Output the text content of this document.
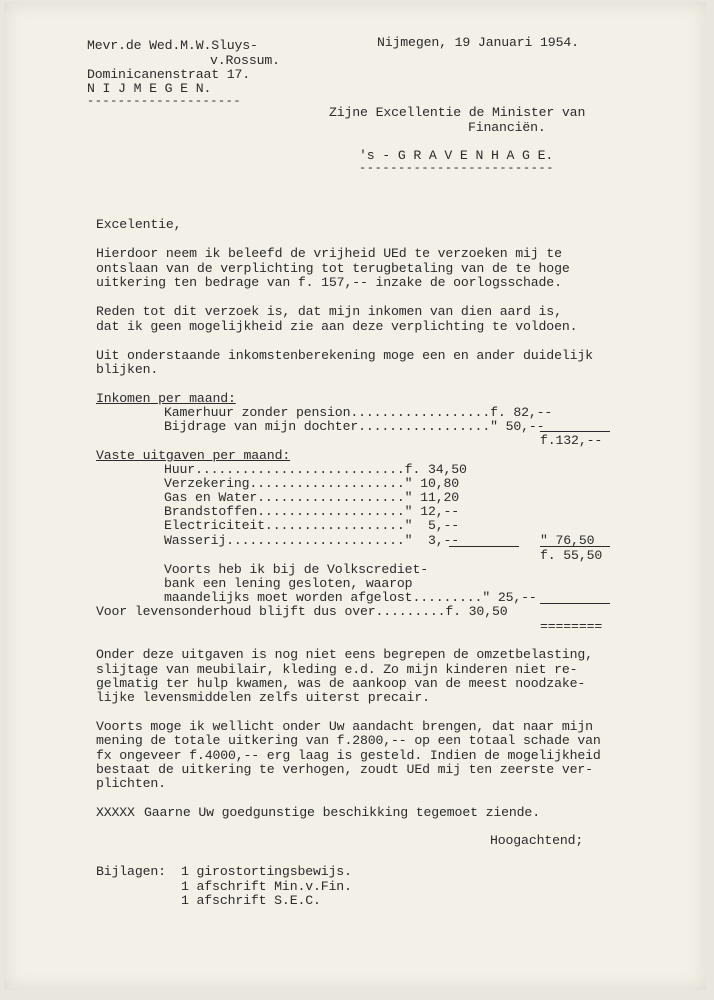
Mevr.de Wed.M.W.Sluys-
v.Rossum.
Dominicanenstraat 17.
N I J M E G E N.
--------------------
Nijmegen, 19 Januari 1954.
Zijne Excellentie de Minister van
Financiën.
's - G R A V E N H A G E.
-------------------------
Excelentie,
Hierdoor neem ik beleefd de vrijheid UEd te verzoeken mij te
ontslaan van de verplichting tot terugbetaling van de te hoge
uitkering ten bedrage van f. 157,-- inzake de oorlogsschade.
Reden tot dit verzoek is, dat mijn inkomen van dien aard is,
dat ik geen mogelijkheid zie aan deze verplichting te voldoen.
Uit onderstaande inkomstenberekening moge een en ander duidelijk
blijken.
Inkomen per maand:
Kamerhuur zonder pension..................f. 82,--
Bijdrage van mijn dochter................." 50,--
f.132,--
Vaste uitgaven per maand:
Huur...........................f. 34,50
Verzekering...................." 10,80
Gas en Water..................." 11,20
Brandstoffen..................." 12,--
Electriciteit.................."  5,--
Wasserij......................."  3,--	" 76,50
f. 55,50
Voorts heb ik bij de Volkscrediet-
bank een lening gesloten, waarop
maandelijks moet worden afgelost........." 25,--
Voor levensonderhoud blijft dus over.........f. 30,50
========
Onder deze uitgaven is nog niet eens begrepen de omzetbelasting,
slijtage van meubilair, kleding e.d. Zo mijn kinderen niet re-
gelmatig ter hulp kwamen, was de aankoop van de meest noodzake-
lijke levensmiddelen zelfs uiterst precair.
Voorts moge ik wellicht onder Uw aandacht brengen, dat naar mijn
mening de totale uitkering van f.2800,-- op een totaal schade van
fx ongeveer f.4000,-- erg laag is gesteld. Indien de mogelijkheid
bestaat de uitkering te verhogen, zoudt UEd mij ten zeerste ver-
plichten.
XXXXX Gaarne Uw goedgunstige beschikking tegemoet ziende.
Hoogachtend;
Bijlagen: 1 girostortingsbewijs.
1 afschrift Min.v.Fin.
1 afschrift S.E.C.
